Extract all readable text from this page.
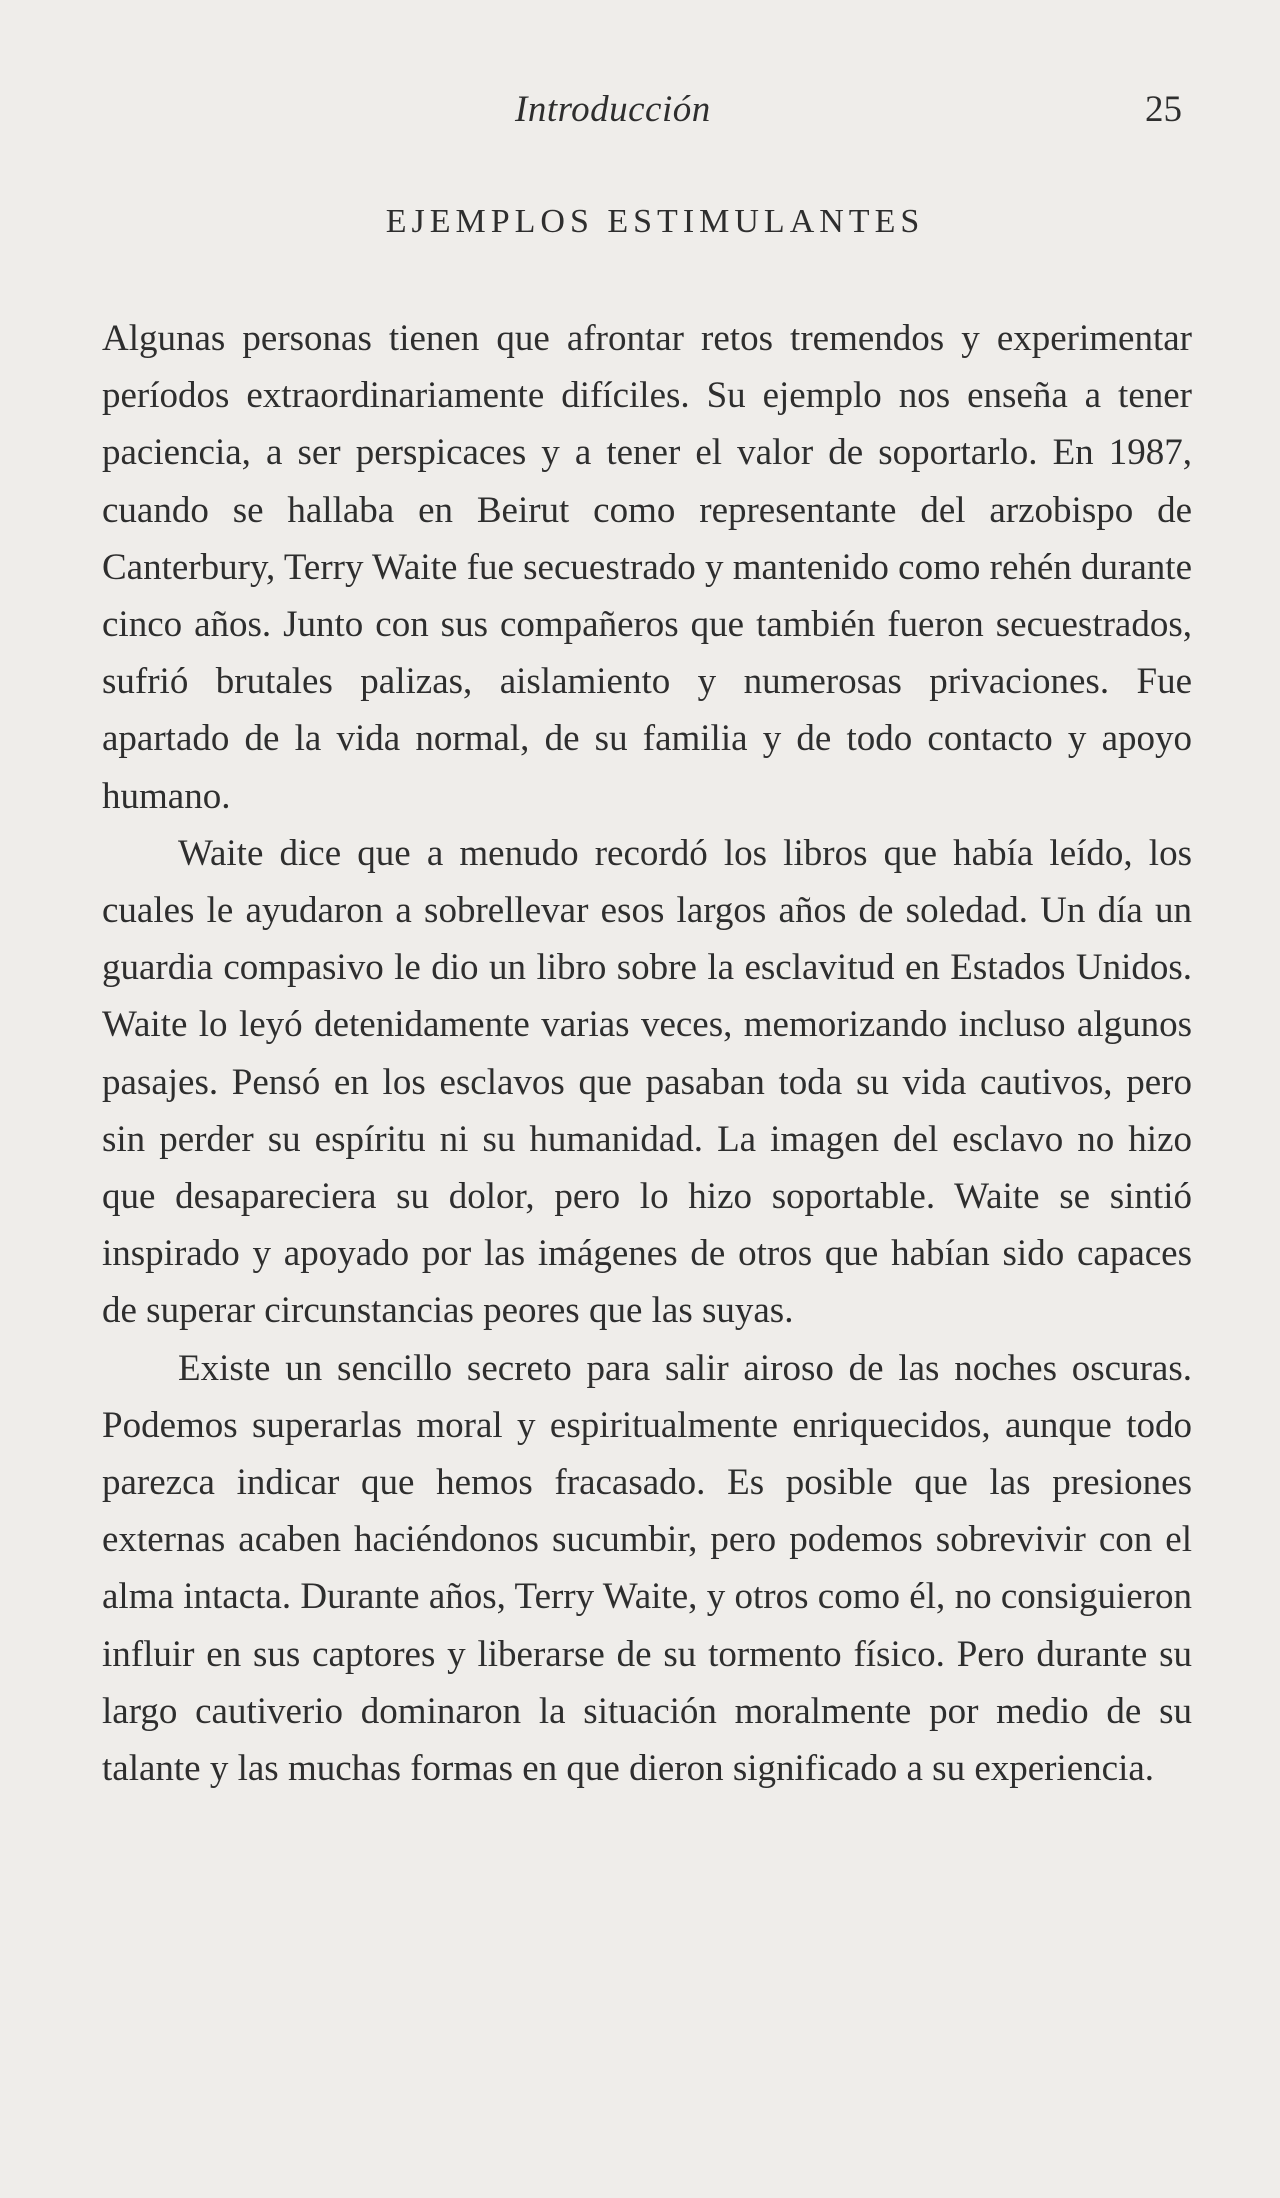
Introducción	25
EJEMPLOS ESTIMULANTES

Algunas personas tienen que afrontar retos tremendos y experimentar períodos extraordinariamente difíciles. Su ejemplo nos enseña a tener paciencia, a ser perspicaces y a tener el valor de soportarlo. En 1987, cuando se hallaba en Beirut como representante del arzobispo de Canterbury, Terry Waite fue secuestrado y mantenido como rehén durante cinco años. Junto con sus compañeros que también fueron secuestrados, sufrió brutales palizas, aislamiento y numerosas privaciones. Fue apartado de la vida normal, de su familia y de todo contacto y apoyo humano.

Waite dice que a menudo recordó los libros que había leído, los cuales le ayudaron a sobrellevar esos largos años de soledad. Un día un guardia compasivo le dio un libro sobre la esclavitud en Estados Unidos. Waite lo leyó detenidamente varias veces, memorizando incluso algunos pasajes. Pensó en los esclavos que pasaban toda su vida cautivos, pero sin perder su espíritu ni su humanidad. La imagen del esclavo no hizo que desapareciera su dolor, pero lo hizo soportable. Waite se sintió inspirado y apoyado por las imágenes de otros que habían sido capaces de superar circunstancias peores que las suyas.

Existe un sencillo secreto para salir airoso de las noches oscuras. Podemos superarlas moral y espiritualmente enriquecidos, aunque todo parezca indicar que hemos fracasado. Es posible que las presiones externas acaben haciéndonos sucumbir, pero podemos sobrevivir con el alma intacta. Durante años, Terry Waite, y otros como él, no consiguieron influir en sus captores y liberarse de su tormento físico. Pero durante su largo cautiverio dominaron la situación moralmente por medio de su talante y las muchas formas en que dieron significado a su experiencia.
